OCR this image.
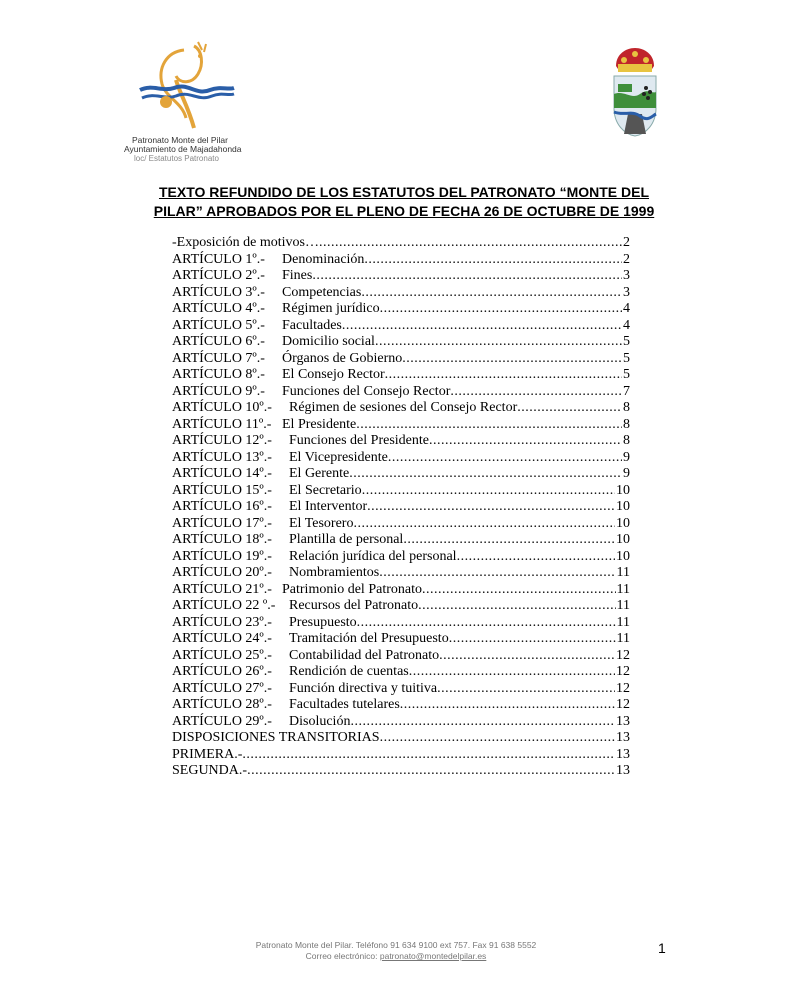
Patronato Monte del Pilar
Ayuntamiento de Majadahonda
loc/ Estatutos Patronato
TEXTO REFUNDIDO DE LOS ESTATUTOS DEL PATRONATO “MONTE DEL
PILAR” APROBADOS POR EL PLENO DE FECHA 26 DE OCTUBRE DE 1999
-Exposición de motivos… .....	2
ARTÍCULO 1º.-	Denominación .....	2
ARTÍCULO 2º.-	Fines .....	3
ARTÍCULO 3º.-	Competencias .....	3
ARTÍCULO 4º.-	Régimen jurídico .....	4
ARTÍCULO 5º.-	Facultades .....	4
ARTÍCULO 6º.-	Domicilio social .....	5
ARTÍCULO 7º.-	Órganos de Gobierno .....	5
ARTÍCULO 8º.-	El Consejo Rector .....	5
ARTÍCULO 9º.-	Funciones del Consejo Rector .....	7
ARTÍCULO 10º.-	Régimen de sesiones del Consejo Rector .....	8
ARTÍCULO 11º.- El Presidente .....	8
ARTÍCULO 12º.-	Funciones del Presidente .....	8
ARTÍCULO 13º.-	El Vicepresidente .....	9
ARTÍCULO 14º.-	El Gerente .....	9
ARTÍCULO 15º.-	El Secretario .....	10
ARTÍCULO 16º.-	El Interventor .....	10
ARTÍCULO 17º.-	El Tesorero .....	10
ARTÍCULO 18º.-	Plantilla de personal .....	10
ARTÍCULO 19º.-	Relación jurídica del personal .....	10
ARTÍCULO 20º.-	Nombramientos .....	11
ARTÍCULO 21º.- Patrimonio del Patronato .....	11
ARTÍCULO 22 º.- Recursos del Patronato .....	11
ARTÍCULO 23º.-	Presupuesto .....	11
ARTÍCULO 24º.-	Tramitación del Presupuesto .....	11
ARTÍCULO 25º.-	Contabilidad del Patronato .....	12
ARTÍCULO 26º.-	Rendición de cuentas .....	12
ARTÍCULO 27º.-	Función directiva y tuitiva .....	12
ARTÍCULO 28º.-	Facultades tutelares .....	12
ARTÍCULO 29º.-	Disolución .....	13
DISPOSICIONES TRANSITORIAS .....	13
PRIMERA.- .....	13
SEGUNDA.- .....	13
Patronato Monte del Pilar. Teléfono 91 634 9100 ext 757. Fax 91 638 5552
Correo electrónico: patronato@montedelpilar.es	1
